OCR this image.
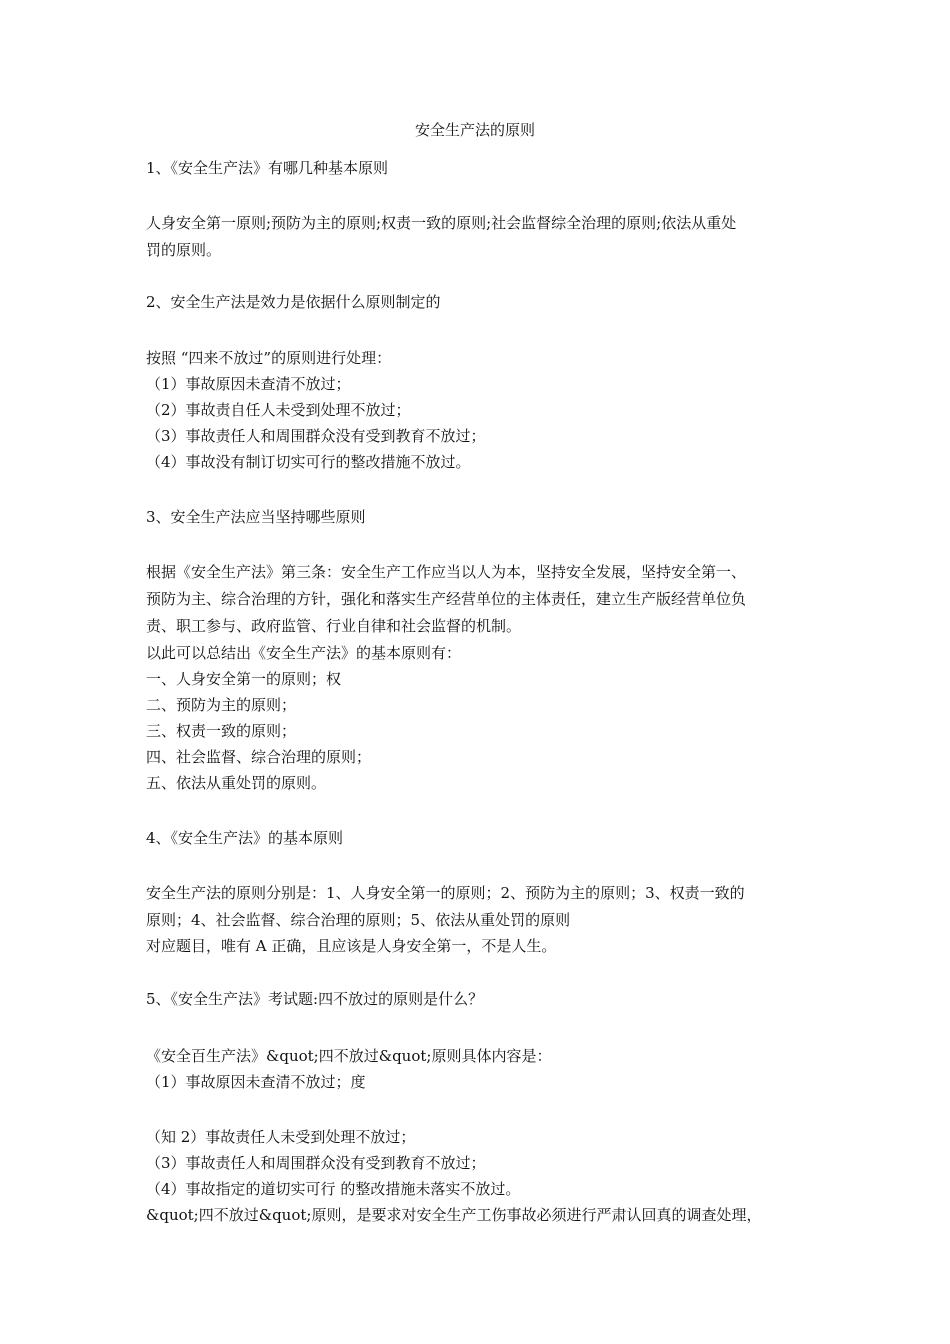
安全生产法的原则
1、《安全生产法》有哪几种基本原则
人身安全第一原则;预防为主的原则;权责一致的原则;社会监督综全治理的原则;依法从重处
罚的原则。
2、安全生产法是效力是依据什么原则制定的
按照 “四来不放过”的原则进行处理：
（1）事故原因未查清不放过；
（2）事故责自任人未受到处理不放过；
（3）事故责任人和周围群众没有受到教育不放过；
（4）事故没有制订切实可行的整改措施不放过。
3、安全生产法应当坚持哪些原则
根据《安全生产法》第三条：安全生产工作应当以人为本，坚持安全发展，坚持安全第一、
预防为主、综合治理的方针，强化和落实生产经营单位的主体责任，建立生产版经营单位负
责、职工参与、政府监管、行业自律和社会监督的机制。
以此可以总结出《安全生产法》的基本原则有：
一、人身安全第一的原则；权
二、预防为主的原则；
三、权责一致的原则；
四、社会监督、综合治理的原则；
五、依法从重处罚的原则。
4、《安全生产法》的基本原则
安全生产法的原则分别是：1、人身安全第一的原则；2、预防为主的原则；3、权责一致的
原则；4、社会监督、综合治理的原则；5、依法从重处罚的原则
对应题目，唯有 A 正确，且应该是人身安全第一，不是人生。
5、《安全生产法》考试题:四不放过的原则是什么？
《安全百生产法》&quot;四不放过&quot;原则具体内容是：
（1）事故原因未查清不放过；度
（知 2）事故责任人未受到处理不放过；
（3）事故责任人和周围群众没有受到教育不放过；
（4）事故指定的道切实可行 的整改措施未落实不放过。
&quot;四不放过&quot;原则，是要求对安全生产工伤事故必须进行严肃认回真的调查处理，
